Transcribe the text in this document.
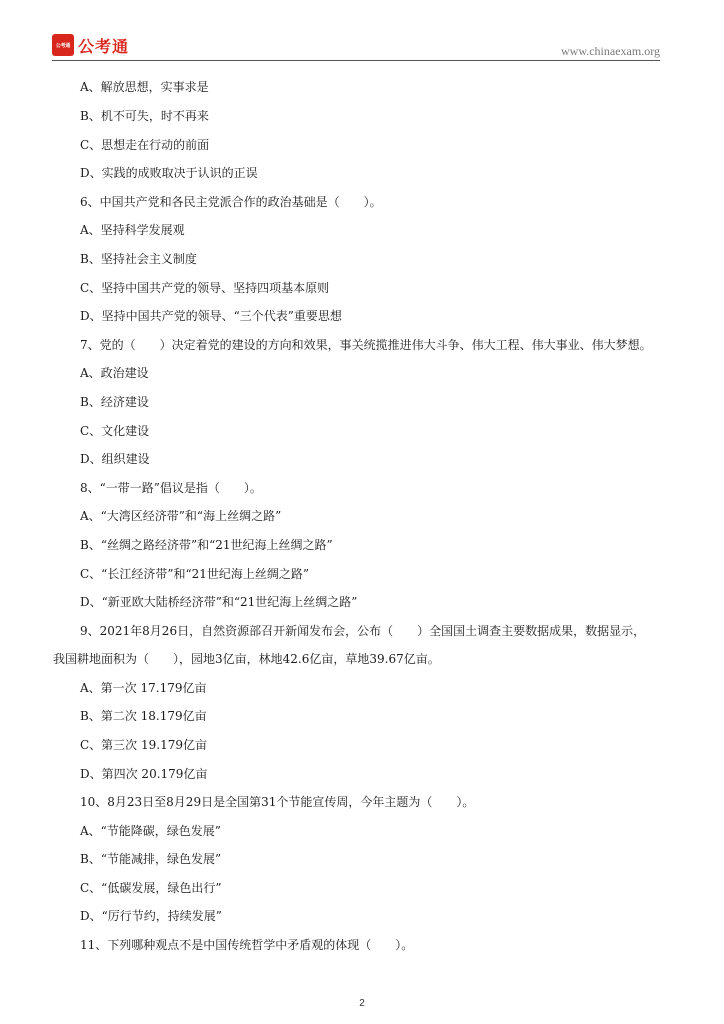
公考通 公考通	www.chinaexam.org
A、解放思想，实事求是
B、机不可失，时不再来
C、思想走在行动的前面
D、实践的成败取决于认识的正误
6、中国共产党和各民主党派合作的政治基础是（　　）。
A、坚持科学发展观
B、坚持社会主义制度
C、坚持中国共产党的领导、坚持四项基本原则
D、坚持中国共产党的领导、“三个代表”重要思想
7、党的（　　）决定着党的建设的方向和效果，事关统揽推进伟大斗争、伟大工程、伟大事业、伟大梦想。
A、政治建设
B、经济建设
C、文化建设
D、组织建设
8、“一带一路”倡议是指（　　）。
A、“大湾区经济带”和“海上丝绸之路”
B、“丝绸之路经济带”和“21世纪海上丝绸之路”
C、“长江经济带”和“21世纪海上丝绸之路”
D、“新亚欧大陆桥经济带”和“21世纪海上丝绸之路”
9、2021年8月26日，自然资源部召开新闻发布会，公布（　　）全国国土调查主要数据成果，数据显示，
我国耕地面积为（　　），园地3亿亩，林地42.6亿亩，草地39.67亿亩。
A、第一次 17.179亿亩
B、第二次 18.179亿亩
C、第三次 19.179亿亩
D、第四次 20.179亿亩
10、8月23日至8月29日是全国第31个节能宣传周，今年主题为（　　）。
A、“节能降碳，绿色发展”
B、“节能减排，绿色发展”
C、“低碳发展，绿色出行”
D、“厉行节约，持续发展”
11、下列哪种观点不是中国传统哲学中矛盾观的体现（　　）。
2
